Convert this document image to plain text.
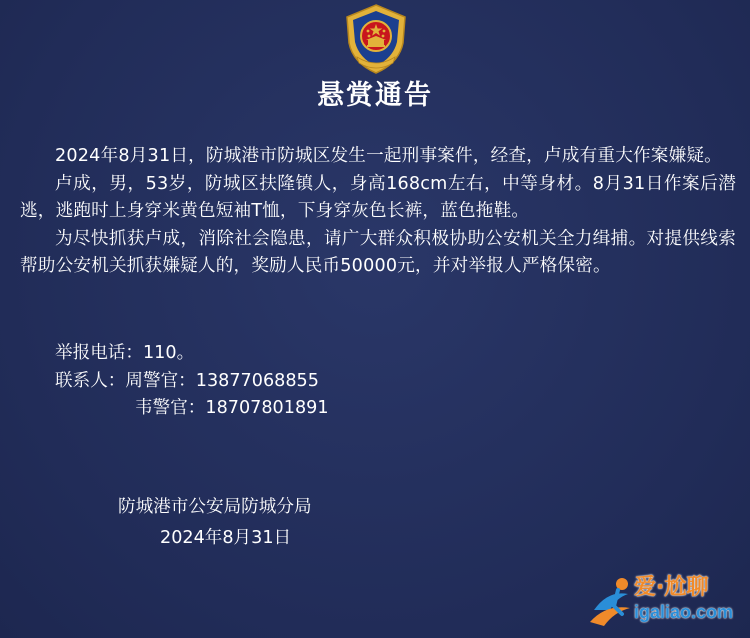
悬赏通告

2024年8月31日，防城港市防城区发生一起刑事案件，经查，卢成有重大作案嫌疑。

卢成，男，53岁，防城区扶隆镇人，身高168cm左右，中等身材。8月31日作案后潜逃，逃跑时上身穿米黄色短袖T恤，下身穿灰色长裤，蓝色拖鞋。

为尽快抓获卢成，消除社会隐患，请广大群众积极协助公安机关全力缉捕。对提供线索帮助公安机关抓获嫌疑人的，奖励人民币50000元，并对举报人严格保密。

举报电话：110。
联系人：周警官：13877068855
韦警官：18707801891
防城港市公安局防城分局
2024年8月31日
爱·尬聊
igaliao.com
